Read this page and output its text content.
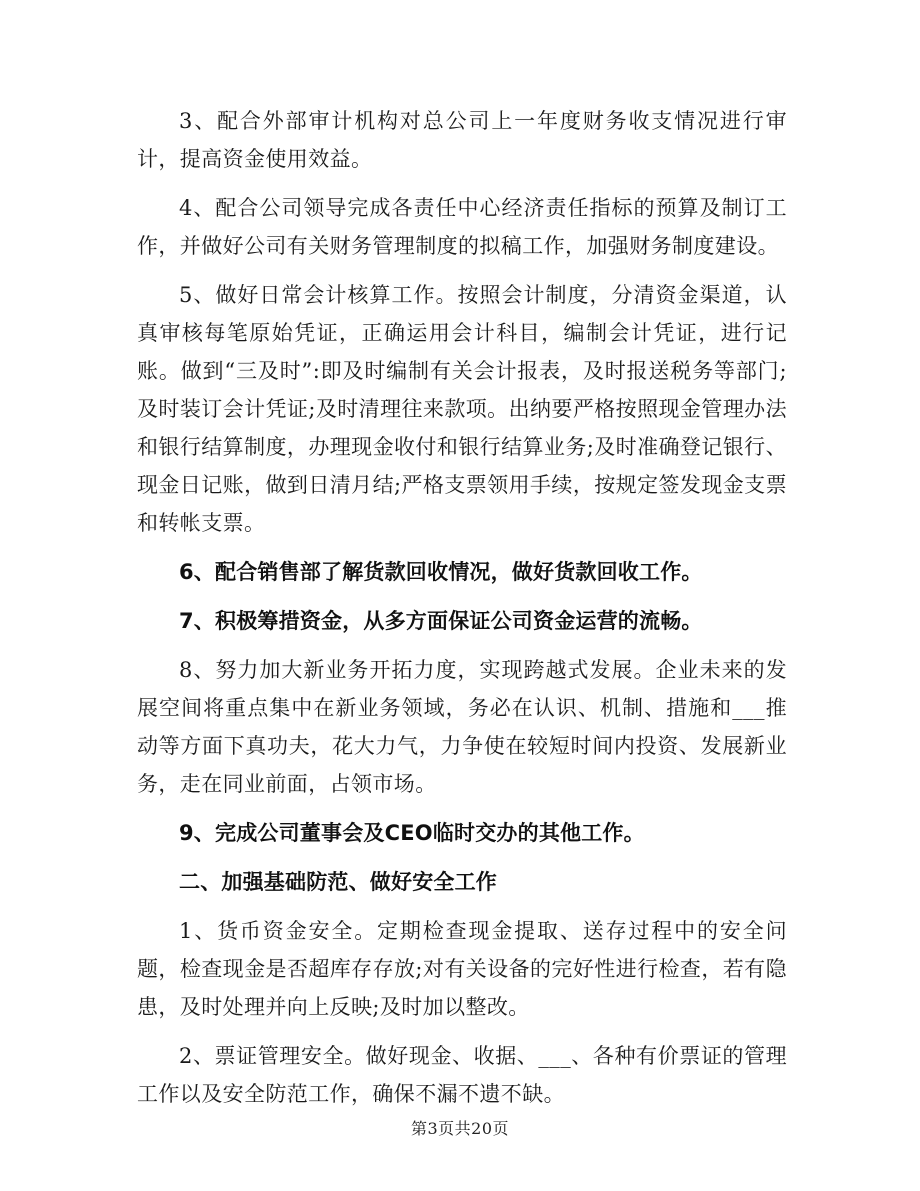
3、配合外部审计机构对总公司上一年度财务收支情况进行审计，提高资金使用效益。

4、配合公司领导完成各责任中心经济责任指标的预算及制订工作，并做好公司有关财务管理制度的拟稿工作，加强财务制度建设。

5、做好日常会计核算工作。按照会计制度，分清资金渠道，认真审核每笔原始凭证，正确运用会计科目，编制会计凭证，进行记账。做到“三及时”:即及时编制有关会计报表，及时报送税务等部门;及时装订会计凭证;及时清理往来款项。出纳要严格按照现金管理办法和银行结算制度，办理现金收付和银行结算业务;及时准确登记银行、现金日记账，做到日清月结;严格支票领用手续，按规定签发现金支票和转帐支票。

6、配合销售部了解货款回收情况，做好货款回收工作。

7、积极筹措资金，从多方面保证公司资金运营的流畅。

8、努力加大新业务开拓力度，实现跨越式发展。企业未来的发展空间将重点集中在新业务领域，务必在认识、机制、措施和___推动等方面下真功夫，花大力气，力争使在较短时间内投资、发展新业务，走在同业前面，占领市场。

9、完成公司董事会及CEO临时交办的其他工作。

二、加强基础防范、做好安全工作

1、货币资金安全。定期检查现金提取、送存过程中的安全问题，检查现金是否超库存存放;对有关设备的完好性进行检查，若有隐患，及时处理并向上反映;及时加以整改。

2、票证管理安全。做好现金、收据、___、各种有价票证的管理工作以及安全防范工作，确保不漏不遗不缺。

第3页共20页
